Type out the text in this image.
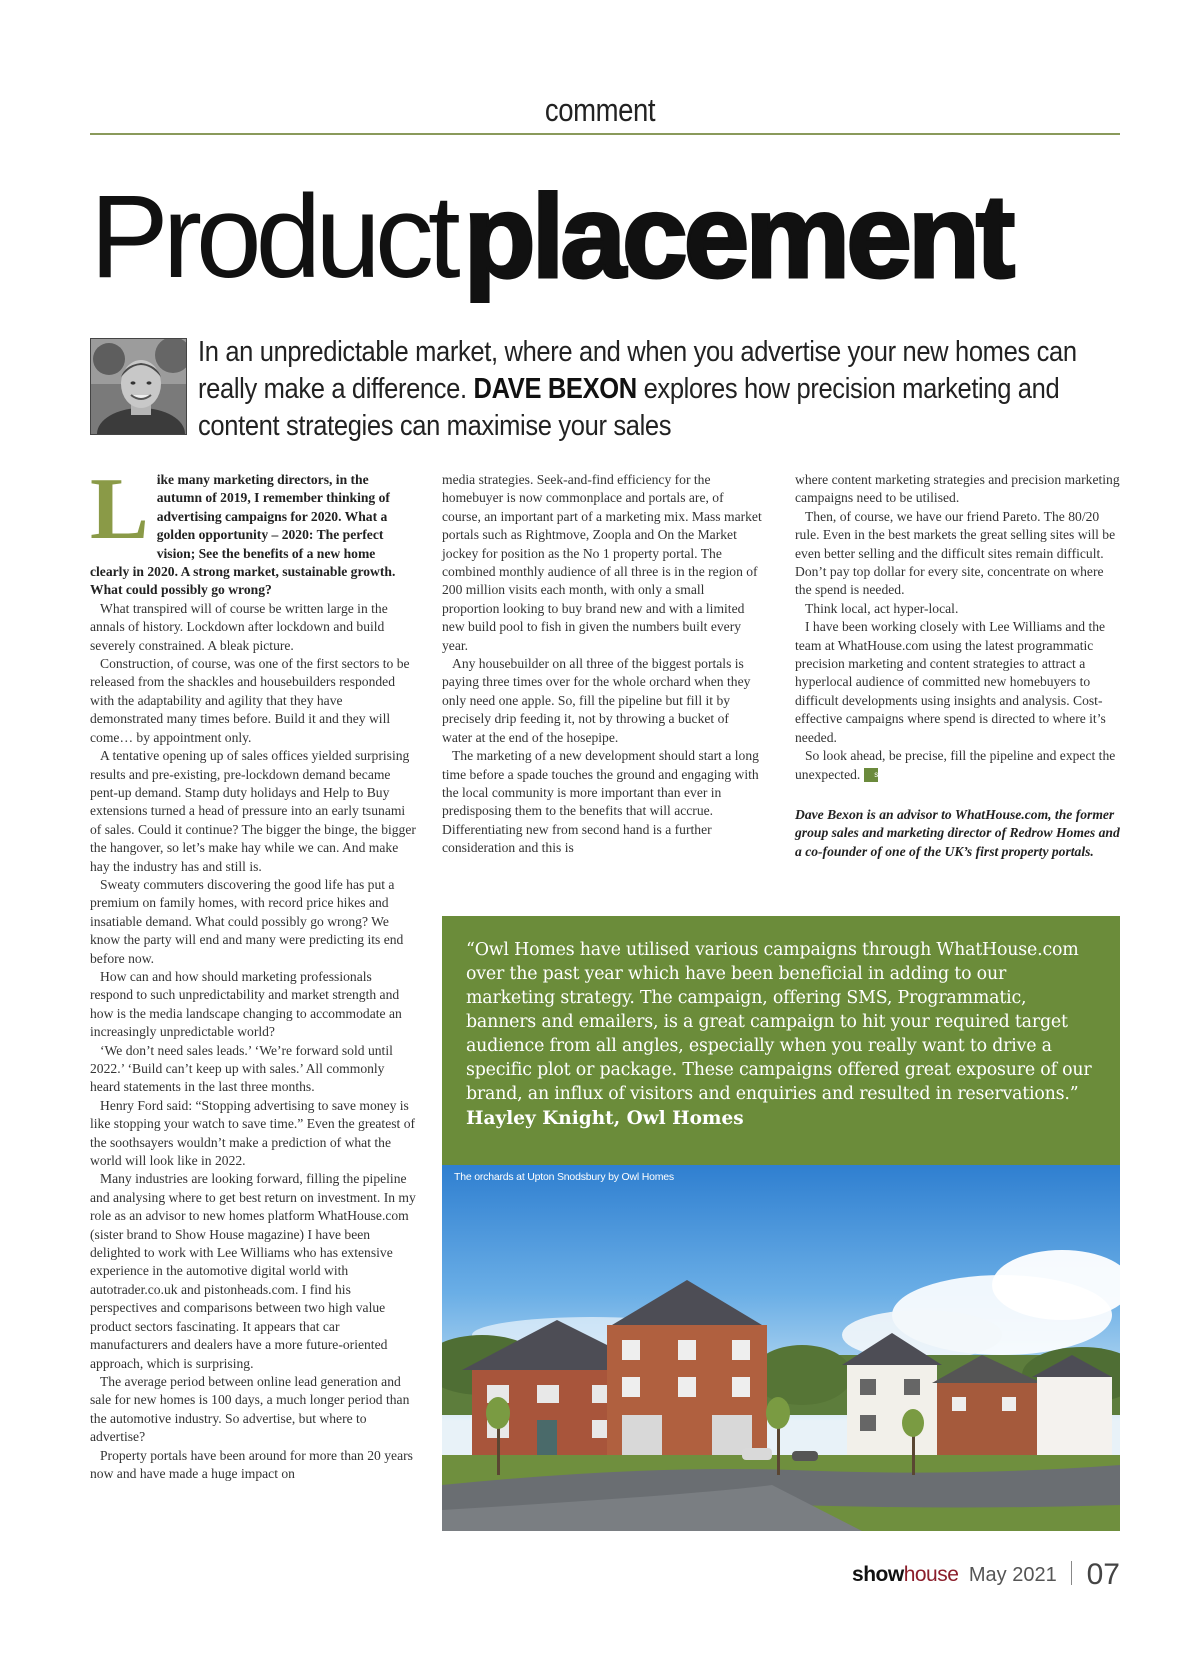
comment
Product placement
In an unpredictable market, where and when you advertise your new homes can really make a difference. DAVE BEXON explores how precision marketing and content strategies can maximise your sales

Like many marketing directors, in the autumn of 2019, I remember thinking of advertising campaigns for 2020. What a golden opportunity – 2020: The perfect vision; See the benefits of a new home clearly in 2020. A strong market, sustainable growth. What could possibly go wrong?

What transpired will of course be written large in the annals of history. Lockdown after lockdown and build severely constrained. A bleak picture.

Construction, of course, was one of the first sectors to be released from the shackles and housebuilders responded with the adaptability and agility that they have demonstrated many times before. Build it and they will come… by appointment only.

A tentative opening up of sales offices yielded surprising results and pre-existing, pre-lockdown demand became pent-up demand. Stamp duty holidays and Help to Buy extensions turned a head of pressure into an early tsunami of sales. Could it continue? The bigger the binge, the bigger the hangover, so let’s make hay while we can. And make hay the industry has and still is.

Sweaty commuters discovering the good life has put a premium on family homes, with record price hikes and insatiable demand. What could possibly go wrong? We know the party will end and many were predicting its end before now.

How can and how should marketing professionals respond to such unpredictability and market strength and how is the media landscape changing to accommodate an increasingly unpredictable world?

‘We don’t need sales leads.’ ‘We’re forward sold until 2022.’ ‘Build can’t keep up with sales.’ All commonly heard statements in the last three months.

Henry Ford said: “Stopping advertising to save money is like stopping your watch to save time.” Even the greatest of the soothsayers wouldn’t make a prediction of what the world will look like in 2022.

Many industries are looking forward, filling the pipeline and analysing where to get best return on investment. In my role as an advisor to new homes platform WhatHouse.com (sister brand to Show House magazine) I have been delighted to work with Lee Williams who has extensive experience in the automotive digital world with autotrader.co.uk and pistonheads.com. I find his perspectives and comparisons between two high value product sectors fascinating. It appears that car manufacturers and dealers have a more future-oriented approach, which is surprising.

The average period between online lead generation and sale for new homes is 100 days, a much longer period than the automotive industry. So advertise, but where to advertise?

Property portals have been around for more than 20 years now and have made a huge impact on

media strategies. Seek-and-find efficiency for the homebuyer is now commonplace and portals are, of course, an important part of a marketing mix. Mass market portals such as Rightmove, Zoopla and On the Market jockey for position as the No 1 property portal. The combined monthly audience of all three is in the region of 200 million visits each month, with only a small proportion looking to buy brand new and with a limited new build pool to fish in given the numbers built every year.

Any housebuilder on all three of the biggest portals is paying three times over for the whole orchard when they only need one apple. So, fill the pipeline but fill it by precisely drip feeding it, not by throwing a bucket of water at the end of the hosepipe.

The marketing of a new development should start a long time before a spade touches the ground and engaging with the local community is more important than ever in predisposing them to the benefits that will accrue. Differentiating new from second hand is a further consideration and this is

where content marketing strategies and precision marketing campaigns need to be utilised.

Then, of course, we have our friend Pareto. The 80/20 rule. Even in the best markets the great selling sites will be even better selling and the difficult sites remain difficult. Don’t pay top dollar for every site, concentrate on where the spend is needed.

Think local, act hyper-local.

I have been working closely with Lee Williams and the team at WhatHouse.com using the latest programmatic precision marketing and content strategies to attract a hyperlocal audience of committed new homebuyers to difficult developments using insights and analysis. Cost-effective campaigns where spend is directed to where it’s needed.

So look ahead, be precise, fill the pipeline and expect the unexpected. sh

Dave Bexon is an advisor to WhatHouse.com, the former group sales and marketing director of Redrow Homes and a co-founder of one of the UK’s first property portals.

“Owl Homes have utilised various campaigns through WhatHouse.com over the past year which have been beneficial in adding to our marketing strategy. The campaign, offering SMS, Programmatic, banners and emailers, is a great campaign to hit your required target audience from all angles, especially when you really want to drive a specific plot or package. These campaigns offered great exposure of our brand, an influx of visitors and enquiries and resulted in reservations.”
Hayley Knight, Owl Homes
The orchards at Upton Snodsbury by Owl Homes
showhouse May 2021 07
